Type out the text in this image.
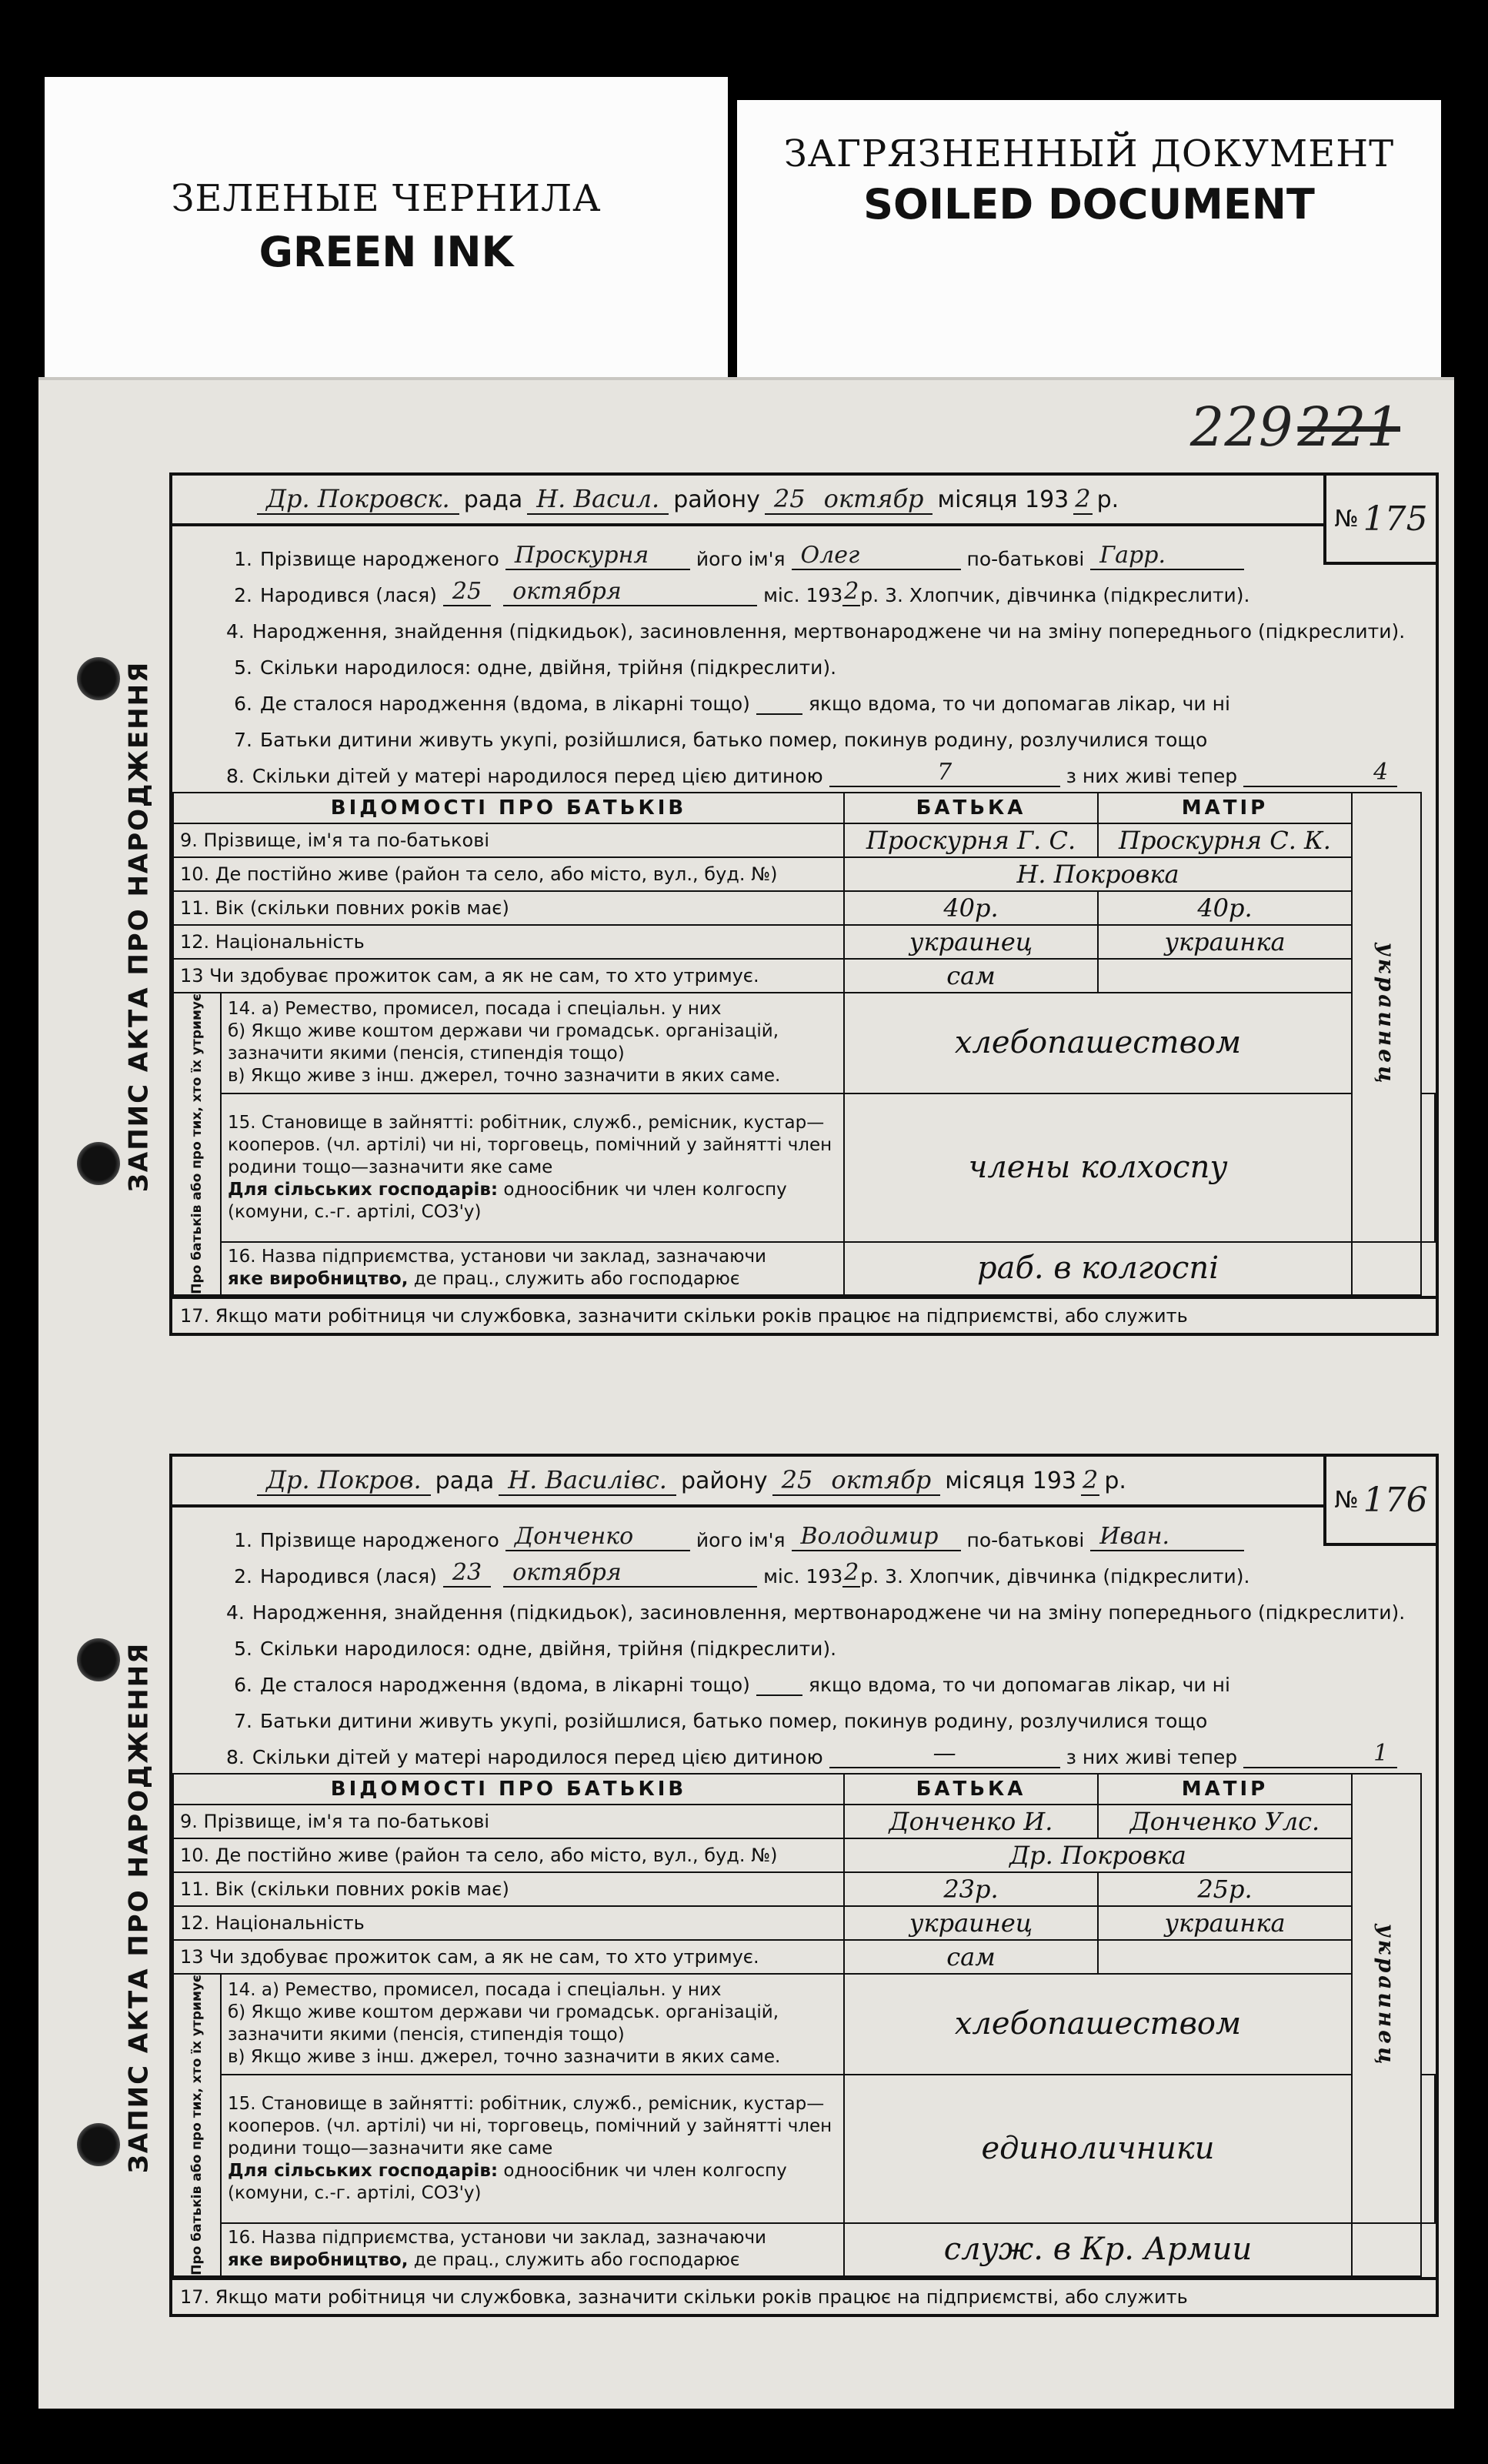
ЗЕЛЕНЫЕ ЧЕРНИЛА
GREEN INK
ЗАГРЯЗНЕННЫЙ ДОКУМЕНТ
SOILED DOCUMENT
229221
ЗАПИС АКТА ПРО НАРОДЖЕННЯ
Др. Покровск. рада Н. Васил. району 25 октябр місяця 193 2 р.
№ 175
1. Прізвище народженого Проскурня	його ім'я Олег	по-батькові Гарр.
2. Народився (лася) 25	октября	міс. 193 2 р. 3. Хлопчик, дівчинка (підкреслити).
4. Народження, знайдення (підкидьок), засиновлення, мертвонароджене чи на зміну попереднього (підкреслити).
5. Скільки народилося: одне, двійня, трійня (підкреслити).
6. Де сталося народження (вдома, в лікарні тощо)	якщо вдома, то чи допомагав лікар, чи ні
7. Батьки дитини живуть укупі, розійшлися, батько помер, покинув родину, розлучилися тощо
8. Скільки дітей у матері народилося перед цією дитиною	7	з них живі тепер	4
ВІДОМОСТІ ПРО БАТЬКІВ		БАТЬКА	МАТІР	украинец	
9. Прізвище, ім'я та по-батькові		Проскурня Г. С.	Проскурня С. К.		
10. Де постійно живе (район та село, або місто, вул., буд. №)		Н. Покровка			
11. Вік (скільки повних років має)		40р.	40р.		
12. Національність		украинец	украинка		
13 Чи здобуває прожиток сам, а як не сам, то хто утримує.		сам			

Про батьків або про тих, хто їх утримує	14. а) Ремество, промисел, посада і спеціальн. у них
б) Якщо живе коштом держави чи громадськ. організацій, зазначити якими (пенсія, стипендія тощо)
в) Якщо живе з інш. джерел, точно зазначити в яких саме.	хлебопашеством			
	15. Становище в зайнятті: робітник, служб., ремісник, кустар—кооперов. (чл. артілі) чи ні, торговець, помічний у зайнятті член родини тощо—зазначити яке саме
Для сільських господарів: одноосібник чи член колгоспу (комуни, с.-г. артілі, СОЗ'у)	члены колхоспу			
	16. Назва підприємства, установи чи заклад, зазначаючи
яке виробництво, де прац., служить або господарює	раб. в колгоспі			
17. Якщо мати робітниця чи службовка, зазначити скільки років працює на підприємстві, або служить
ЗАПИС АКТА ПРО НАРОДЖЕННЯ
Др. Покров. рада Н. Василівс. району 25 октябр місяця 193 2 р.
№ 176
1. Прізвище народженого Донченко	його ім'я Володимир	по-батькові Иван.
2. Народився (лася) 23	октября	міс. 193 2 р. 3. Хлопчик, дівчинка (підкреслити).
4. Народження, знайдення (підкидьок), засиновлення, мертвонароджене чи на зміну попереднього (підкреслити).
5. Скільки народилося: одне, двійня, трійня (підкреслити).
6. Де сталося народження (вдома, в лікарні тощо)	якщо вдома, то чи допомагав лікар, чи ні
7. Батьки дитини живуть укупі, розійшлися, батько помер, покинув родину, розлучилися тощо
8. Скільки дітей у матері народилося перед цією дитиною	—	з них живі тепер	1
ВІДОМОСТІ ПРО БАТЬКІВ		БАТЬКА	МАТІР	украинец	
9. Прізвище, ім'я та по-батькові		Донченко И.	Донченко Улс.		
10. Де постійно живе (район та село, або місто, вул., буд. №)		Др. Покровка			
11. Вік (скільки повних років має)		23р.	25р.		
12. Національність		украинец	украинка		
13 Чи здобуває прожиток сам, а як не сам, то хто утримує.		сам			

Про батьків або про тих, хто їх утримує	14. а) Ремество, промисел, посада і спеціальн. у них
б) Якщо живе коштом держави чи громадськ. організацій, зазначити якими (пенсія, стипендія тощо)
в) Якщо живе з інш. джерел, точно зазначити в яких саме.	хлебопашеством			
	15. Становище в зайнятті: робітник, служб., ремісник, кустар—кооперов. (чл. артілі) чи ні, торговець, помічний у зайнятті член родини тощо—зазначити яке саме
Для сільських господарів: одноосібник чи член колгоспу (комуни, с.-г. артілі, СОЗ'у)	единоличники			
	16. Назва підприємства, установи чи заклад, зазначаючи
яке виробництво, де прац., служить або господарює	служ. в Кр. Армии			
17. Якщо мати робітниця чи службовка, зазначити скільки років працює на підприємстві, або служить
